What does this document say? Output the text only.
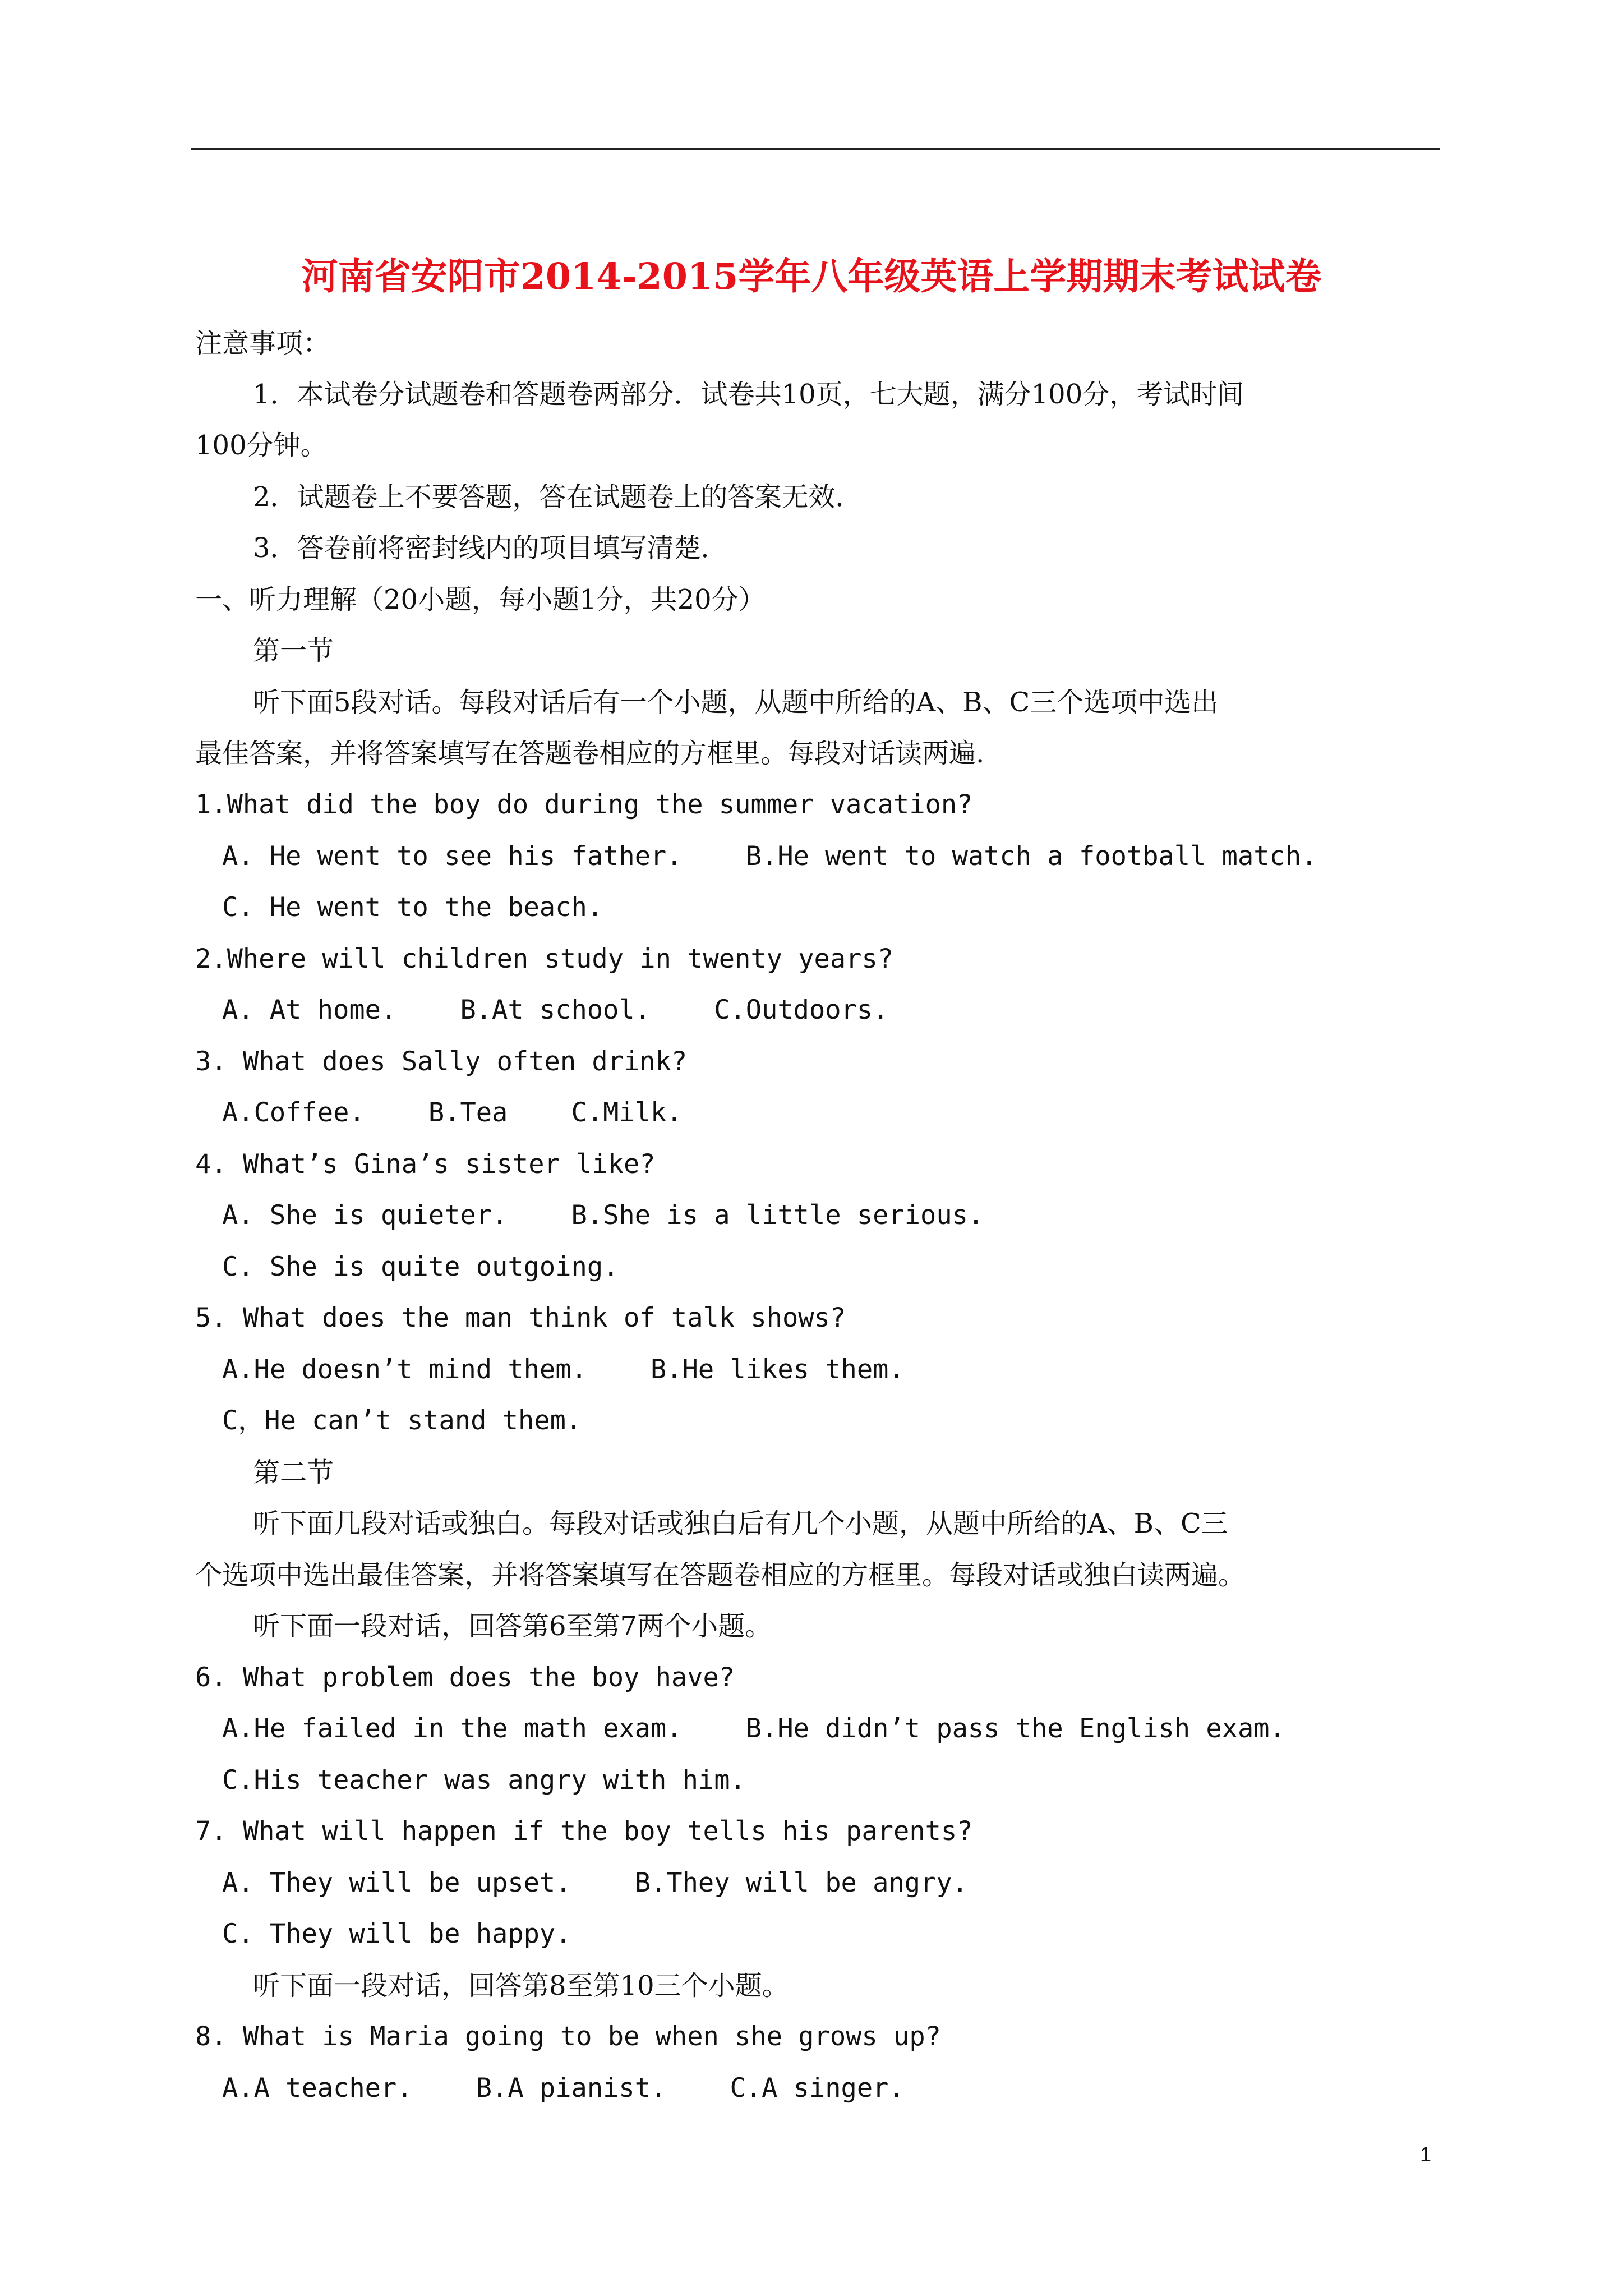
河南省安阳市2014-2015学年八年级英语上学期期末考试试卷
注意事项：
1．本试卷分试题卷和答题卷两部分．试卷共10页，七大题，满分100分，考试时间
100分钟。
2．试题卷上不要答题，答在试题卷上的答案无效．
3．答卷前将密封线内的项目填写清楚．
一、听力理解（20小题，每小题1分，共20分）
第一节
听下面5段对话。每段对话后有一个小题，从题中所给的A、B、C三个选项中选出
最佳答案，并将答案填写在答题卷相应的方框里。每段对话读两遍.
1.What did the boy do during the summer vacation?
A. He went to see his father.    B.He went to watch a football match.
C. He went to the beach.
2.Where will children study in twenty years?
A. At home.    B.At school.    C.Outdoors.
3. What does Sally often drink?
A.Coffee.    B.Tea    C.Milk.
4. What’s Gina’s sister like?
A. She is quieter.    B.She is a little serious.
C. She is quite outgoing.
5. What does the man think of talk shows?
A.He doesn’t mind them.    B.He likes them.
C，He can’t stand them.
第二节
听下面几段对话或独白。每段对话或独白后有几个小题，从题中所给的A、B、C三
个选项中选出最佳答案，并将答案填写在答题卷相应的方框里。每段对话或独白读两遍。
听下面一段对话，回答第6至第7两个小题。
6. What problem does the boy have?
A.He failed in the math exam.    B.He didn’t pass the English exam.
C.His teacher was angry with him.
7. What will happen if the boy tells his parents?
A. They will be upset.    B.They will be angry.
C. They will be happy.
听下面一段对话，回答第8至第10三个小题。
8. What is Maria going to be when she grows up?
A.A teacher.    B.A pianist.    C.A singer.
1
